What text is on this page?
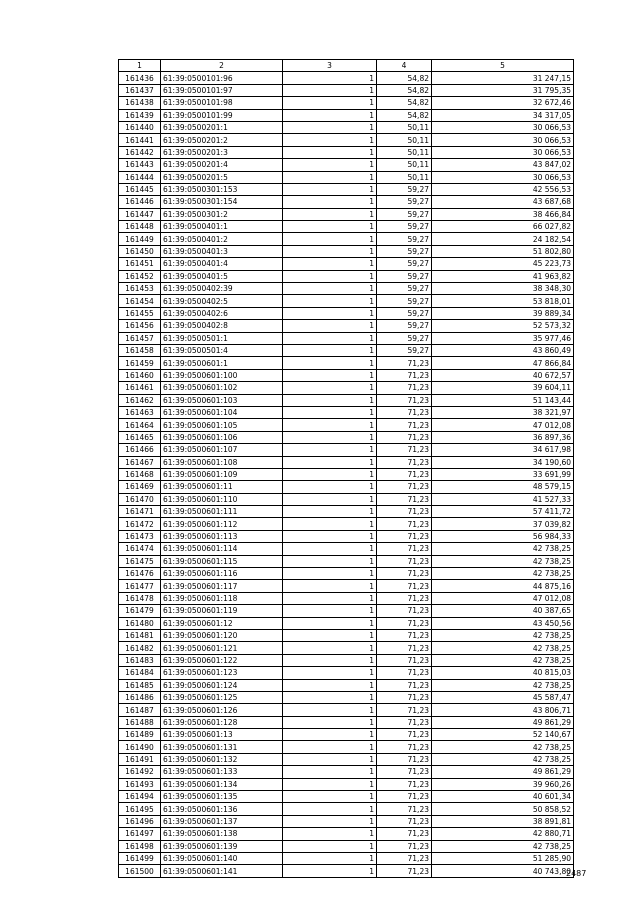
1	2	3	4	5
161436	61:39:0500101:96	1	54,82	31 247,15
161437	61:39:0500101:97	1	54,82	31 795,35
161438	61:39:0500101:98	1	54,82	32 672,46
161439	61:39:0500101:99	1	54,82	34 317,05
161440	61:39:0500201:1	1	50,11	30 066,53
161441	61:39:0500201:2	1	50,11	30 066,53
161442	61:39:0500201:3	1	50,11	30 066,53
161443	61:39:0500201:4	1	50,11	43 847,02
161444	61:39:0500201:5	1	50,11	30 066,53
161445	61:39:0500301:153	1	59,27	42 556,53
161446	61:39:0500301:154	1	59,27	43 687,68
161447	61:39:0500301:2	1	59,27	38 466,84
161448	61:39:0500401:1	1	59,27	66 027,82
161449	61:39:0500401:2	1	59,27	24 182,54
161450	61:39:0500401:3	1	59,27	51 802,80
161451	61:39:0500401:4	1	59,27	45 223,73
161452	61:39:0500401:5	1	59,27	41 963,82
161453	61:39:0500402:39	1	59,27	38 348,30
161454	61:39:0500402:5	1	59,27	53 818,01
161455	61:39:0500402:6	1	59,27	39 889,34
161456	61:39:0500402:8	1	59,27	52 573,32
161457	61:39:0500501:1	1	59,27	35 977,46
161458	61:39:0500501:4	1	59,27	43 860,49
161459	61:39:0500601:1	1	71,23	47 866,84
161460	61:39:0500601:100	1	71,23	40 672,57
161461	61:39:0500601:102	1	71,23	39 604,11
161462	61:39:0500601:103	1	71,23	51 143,44
161463	61:39:0500601:104	1	71,23	38 321,97
161464	61:39:0500601:105	1	71,23	47 012,08
161465	61:39:0500601:106	1	71,23	36 897,36
161466	61:39:0500601:107	1	71,23	34 617,98
161467	61:39:0500601:108	1	71,23	34 190,60
161468	61:39:0500601:109	1	71,23	33 691,99
161469	61:39:0500601:11	1	71,23	48 579,15
161470	61:39:0500601:110	1	71,23	41 527,33
161471	61:39:0500601:111	1	71,23	57 411,72
161472	61:39:0500601:112	1	71,23	37 039,82
161473	61:39:0500601:113	1	71,23	56 984,33
161474	61:39:0500601:114	1	71,23	42 738,25
161475	61:39:0500601:115	1	71,23	42 738,25
161476	61:39:0500601:116	1	71,23	42 738,25
161477	61:39:0500601:117	1	71,23	44 875,16
161478	61:39:0500601:118	1	71,23	47 012,08
161479	61:39:0500601:119	1	71,23	40 387,65
161480	61:39:0500601:12	1	71,23	43 450,56
161481	61:39:0500601:120	1	71,23	42 738,25
161482	61:39:0500601:121	1	71,23	42 738,25
161483	61:39:0500601:122	1	71,23	42 738,25
161484	61:39:0500601:123	1	71,23	40 815,03
161485	61:39:0500601:124	1	71,23	42 738,25
161486	61:39:0500601:125	1	71,23	45 587,47
161487	61:39:0500601:126	1	71,23	43 806,71
161488	61:39:0500601:128	1	71,23	49 861,29
161489	61:39:0500601:13	1	71,23	52 140,67
161490	61:39:0500601:131	1	71,23	42 738,25
161491	61:39:0500601:132	1	71,23	42 738,25
161492	61:39:0500601:133	1	71,23	49 861,29
161493	61:39:0500601:134	1	71,23	39 960,26
161494	61:39:0500601:135	1	71,23	40 601,34
161495	61:39:0500601:136	1	71,23	50 858,52
161496	61:39:0500601:137	1	71,23	38 891,81
161497	61:39:0500601:138	1	71,23	42 880,71
161498	61:39:0500601:139	1	71,23	42 738,25
161499	61:39:0500601:140	1	71,23	51 285,90
161500	61:39:0500601:141	1	71,23	40 743,80
2487
